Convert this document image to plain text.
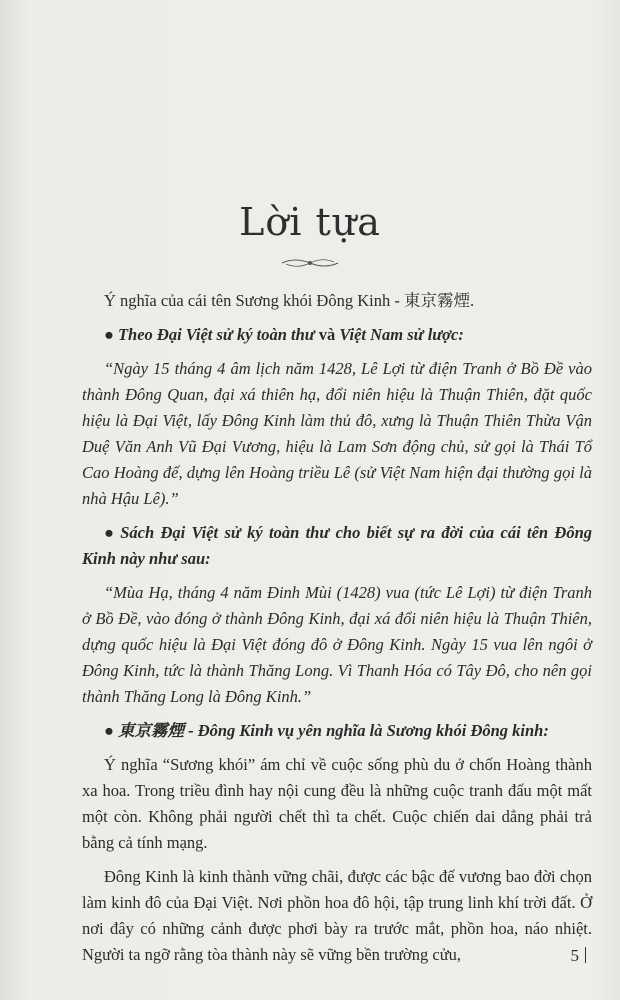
Lời tựa

Ý nghĩa của cái tên Sương khói Đông Kinh - 東京霧煙.

● Theo Đại Việt sử ký toàn thư và Việt Nam sử lược:

“Ngày 15 tháng 4 âm lịch năm 1428, Lê Lợi từ điện Tranh ở Bồ Đề vào thành Đông Quan, đại xá thiên hạ, đổi niên hiệu là Thuận Thiên, đặt quốc hiệu là Đại Việt, lấy Đông Kinh làm thủ đô, xưng là Thuận Thiên Thừa Vận Duệ Văn Anh Vũ Đại Vương, hiệu là Lam Sơn động chủ, sử gọi là Thái Tổ Cao Hoàng đế, dựng lên Hoàng triều Lê (sử Việt Nam hiện đại thường gọi là nhà Hậu Lê).”

● Sách Đại Việt sử ký toàn thư cho biết sự ra đời của cái tên Đông Kinh này như sau:

“Mùa Hạ, tháng 4 năm Đinh Mùi (1428) vua (tức Lê Lợi) từ điện Tranh ở Bồ Đề, vào đóng ở thành Đông Kinh, đại xá đổi niên hiệu là Thuận Thiên, dựng quốc hiệu là Đại Việt đóng đô ở Đông Kinh. Ngày 15 vua lên ngôi ở Đông Kinh, tức là thành Thăng Long. Vì Thanh Hóa có Tây Đô, cho nên gọi thành Thăng Long là Đông Kinh.”

● 東京霧煙 - Đông Kinh vụ yên nghĩa là Sương khói Đông kinh:

Ý nghĩa “Sương khói” ám chỉ về cuộc sống phù du ở chốn Hoàng thành xa hoa. Trong triều đình hay nội cung đều là những cuộc tranh đấu một mất một còn. Không phải người chết thì ta chết. Cuộc chiến dai dẳng phải trả bằng cả tính mạng.

Đông Kinh là kinh thành vững chãi, được các bậc đế vương bao đời chọn làm kinh đô của Đại Việt. Nơi phồn hoa đô hội, tập trung linh khí trời đất. Ở nơi đây có những cảnh được phơi bày ra trước mắt, phồn hoa, náo nhiệt. Người ta ngỡ rằng tòa thành này sẽ vững bền trường cửu,	5
